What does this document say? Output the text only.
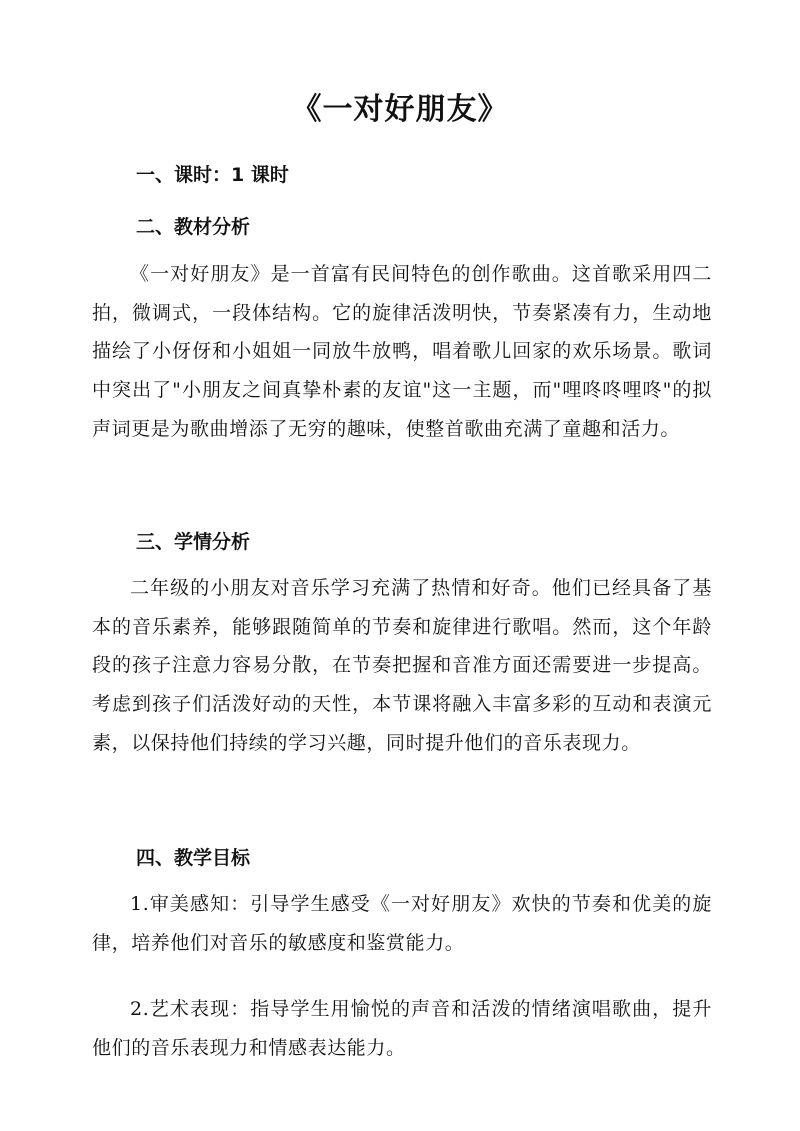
《一对好朋友》
一、课时：1 课时
二、教材分析
《一对好朋友》是一首富有民间特色的创作歌曲。这首歌采用四二拍，微调式，一段体结构。它的旋律活泼明快，节奏紧凑有力，生动地描绘了小伢伢和小姐姐一同放牛放鸭，唱着歌儿回家的欢乐场景。歌词中突出了"小朋友之间真挚朴素的友谊"这一主题，而"哩咚咚哩咚"的拟声词更是为歌曲增添了无穷的趣味，使整首歌曲充满了童趣和活力。
三、学情分析
二年级的小朋友对音乐学习充满了热情和好奇。他们已经具备了基本的音乐素养，能够跟随简单的节奏和旋律进行歌唱。然而，这个年龄段的孩子注意力容易分散，在节奏把握和音准方面还需要进一步提高。考虑到孩子们活泼好动的天性，本节课将融入丰富多彩的互动和表演元素，以保持他们持续的学习兴趣，同时提升他们的音乐表现力。
四、教学目标
1.审美感知：引导学生感受《一对好朋友》欢快的节奏和优美的旋律，培养他们对音乐的敏感度和鉴赏能力。
2.艺术表现：指导学生用愉悦的声音和活泼的情绪演唱歌曲，提升他们的音乐表现力和情感表达能力。
